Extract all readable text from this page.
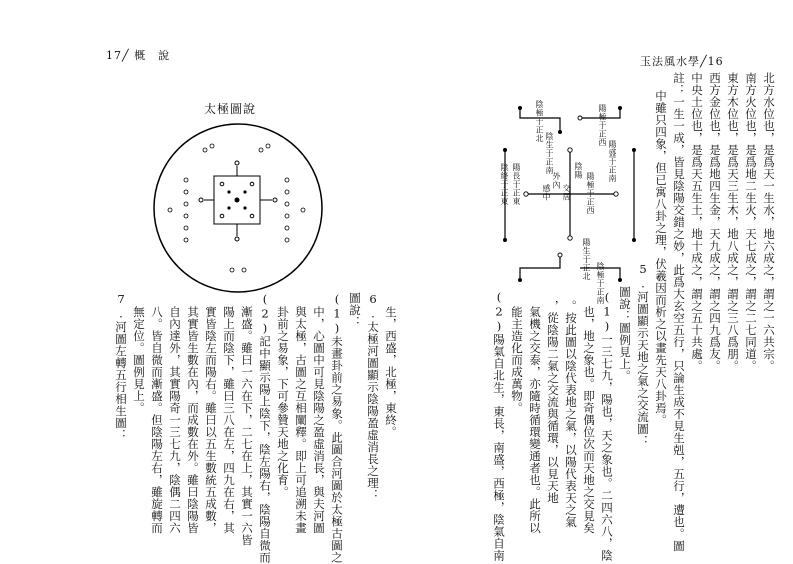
17╱ 概　說	玉法風水學╱16
太極圖說	陰極于正北
陰生于正南
陽極于正西
陽盛于正南
陽長于正東
陰終于正東	陰陽
外內
交居
感中	陽極于正西
陽生于正北
陰極于正南	北方水位也，是爲天一生水，地六成之，謂之一六共宗。
南方火位也，是爲地二生火，天七成之，謂之二七同道。
東方木位也，是爲天三生木，地八成之，謂之三八爲朋。
西方金位也，是爲地四生金，天九成之，謂之四九爲友。
中央土位也，是爲天五生土，地十成之，謂之五十共處。
註：一生一成，皆見陰陽交錯之妙，此爲大玄空五行，只論生成不見生剋，五行，遭也。圖
中雖只四象，但已寓八卦之理，伏羲因而析之以畫先天八卦焉。
5.河圖顯示天地之氣之交流圖：
圖說：圖例見上。
(1)一三七九，陽也，天之象也。二四六八，陰
也，地之象也。即奇偶位次而天地之交見矣
。按此圖以陰代表地之氣，以陽代表天之氣
，從陰陽二氣之交流與循環，以見天地
氣機之交泰，亦隨時循環變通者也。此所以
能主造化而成萬物。
(2)陽氣自北生，東長，南盛，西極，陰氣自南
生，西盛，北極，東終。
6.太極河圖顯示陰陽盈虛消長之理：
圖說：
(1)未畫卦前之易象。此圖合河圖於太極古圖之
中，心圖中可見陰陽之盈虛消長，與夫河圖
與太極，古圖之互相闡釋。即上可追溯未畫
卦前之易象，下可參贊天地之化育。
(2)記中顯示陽上陰下，陰左陽右，陰陽自微而
漸盛。雖曰一六在下，二七在上，其實一六皆
陽上而陰下，雖曰三八在左，四九在右，其
實皆陰左而陽右。雖曰以五生數統五成數，
其實皆生數在內，而成數在外。雖曰陰陽皆
自內達外，其實陽奇一三七九，陰偶二四六
八。皆自微而漸盛。但陰陽左右，雖旋轉而
無定位。圖例見上。
7.河圖左轉五行相生圖：
